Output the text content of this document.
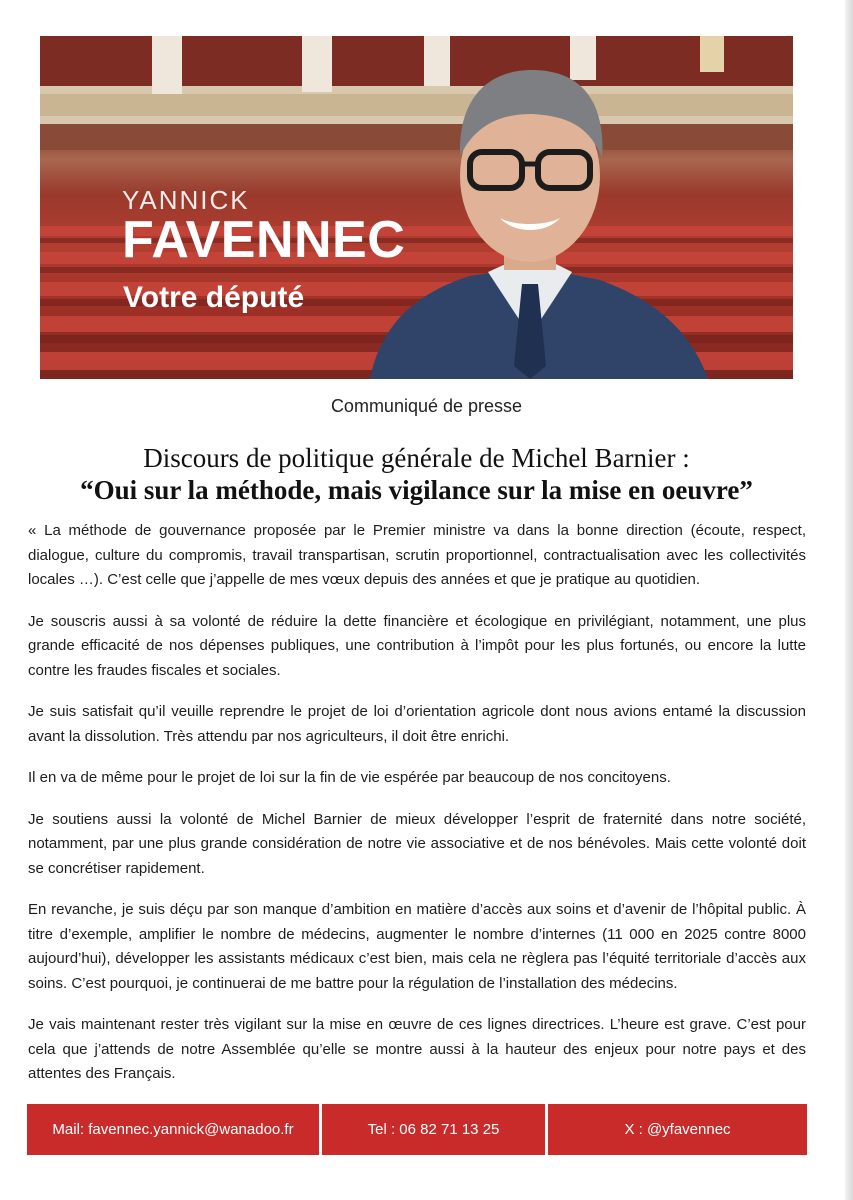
YANNICK
FAVENNEC
Votre député
Communiqué de presse
Discours de politique générale de Michel Barnier :
“Oui sur la méthode, mais vigilance sur la mise en oeuvre”

« La méthode de gouvernance proposée par le Premier ministre va dans la bonne direction (écoute, respect, dialogue, culture du compromis, travail transpartisan, scrutin proportionnel, contractualisation avec les collectivités locales …). C’est celle que j’appelle de mes vœux depuis des années et que je pratique au quotidien.

Je souscris aussi à sa volonté de réduire la dette financière et écologique en privilégiant, notamment, une plus grande efficacité de nos dépenses publiques, une contribution à l’impôt pour les plus fortunés, ou encore la lutte contre les fraudes fiscales et sociales.

Je suis satisfait qu’il veuille reprendre le projet de loi d’orientation agricole dont nous avions entamé la discussion avant la dissolution. Très attendu par nos agriculteurs, il doit être enrichi.

Il en va de même pour le projet de loi sur la fin de vie espérée par beaucoup de nos concitoyens.

Je soutiens aussi la volonté de Michel Barnier de mieux développer l’esprit de fraternité dans notre société, notamment, par une plus grande considération de notre vie associative et de nos bénévoles. Mais cette volonté doit se concrétiser rapidement.

En revanche, je suis déçu par son manque d’ambition en matière d’accès aux soins et d’avenir de l’hôpital public. À titre d’exemple, amplifier le nombre de médecins, augmenter le nombre d’internes (11 000 en 2025 contre 8000 aujourd’hui), développer les assistants médicaux c’est bien, mais cela ne règlera pas l’équité territoriale d’accès aux soins. C’est pourquoi, je continuerai de me battre pour la régulation de l’installation des médecins.

Je vais maintenant rester très vigilant sur la mise en œuvre de ces lignes directrices. L’heure est grave. C’est pour cela que j’attends de notre Assemblée qu’elle se montre aussi à la hauteur des enjeux pour notre pays et des attentes des Français.

Mail: favennec.yannick@wanadoo.fr	Tel : 06 82 71 13 25	X : @yfavennec
